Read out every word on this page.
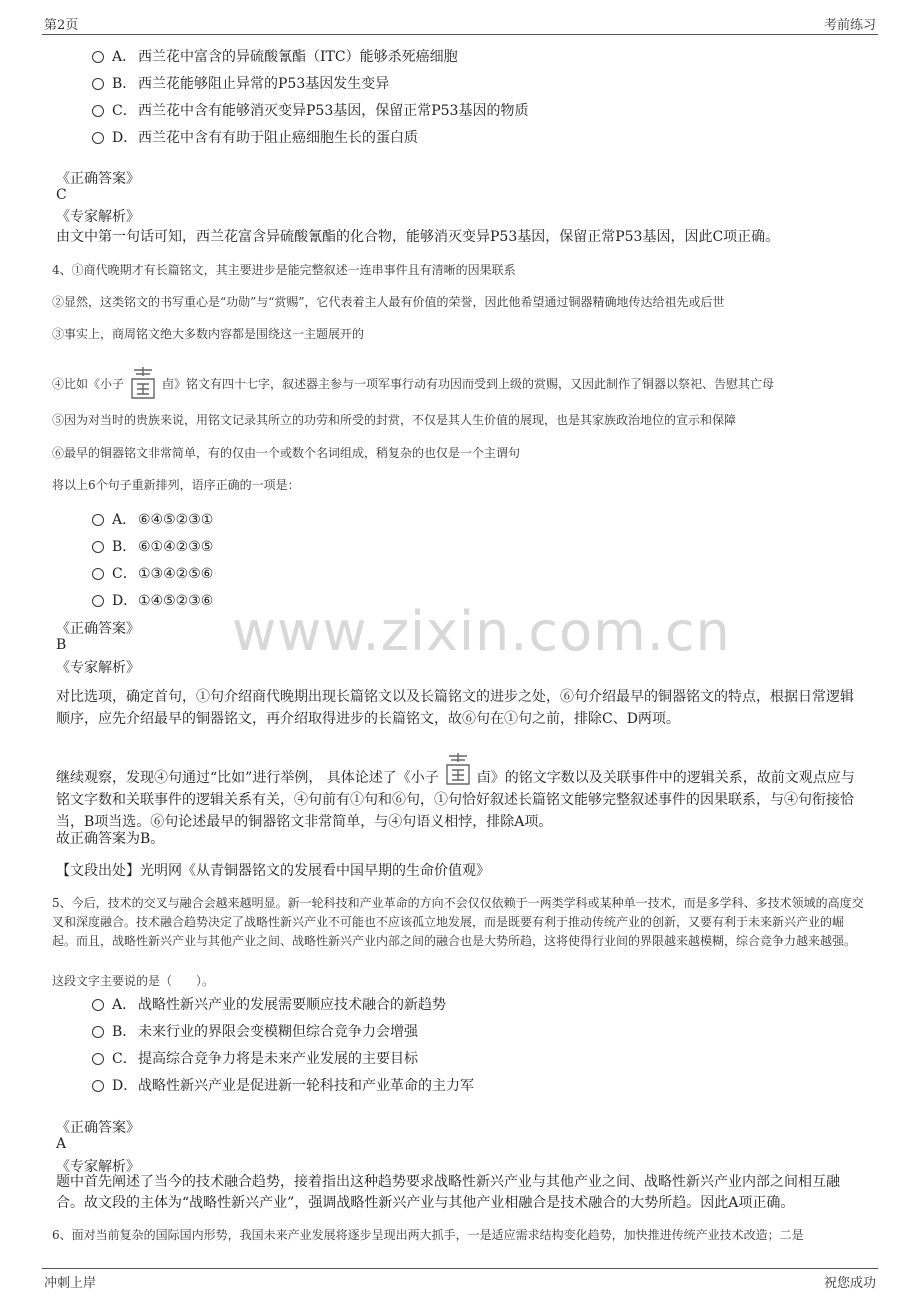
第2页	考前练习
A． 西兰花中富含的异硫酸氰酯（ITC）能够杀死癌细胞
B． 西兰花能够阻止异常的P53基因发生变异
C．西兰花中含有能够消灭变异P53基因，保留正常P53基因的物质
D．西兰花中含有有助于阻止癌细胞生长的蛋白质
《正确答案》
C
《专家解析》
由文中第一句话可知，西兰花富含异硫酸氰酯的化合物，能够消灭变异P53基因，保留正常P53基因，因此C项正确。
4、①商代晚期才有长篇铭文，其主要进步是能完整叙述一连串事件且有清晰的因果联系
②显然，这类铭文的书写重心是“功勋”与“赏赐”，它代表着主人最有价值的荣誉，因此他希望通过铜器精确地传达给祖先或后世
③事实上，商周铭文绝大多数内容都是围绕这一主题展开的
④比如《小子	卣》铭文有四十七字，叙述器主参与一项军事行动有功因而受到上级的赏赐，又因此制作了铜器以祭祀、告慰其亡母
⑤因为对当时的贵族来说，用铭文记录其所立的功劳和所受的封赏，不仅是其人生价值的展现，也是其家族政治地位的宣示和保障
⑥最早的铜器铭文非常简单，有的仅由一个或数个名词组成，稍复杂的也仅是一个主谓句
将以上6个句子重新排列，语序正确的一项是：
A． ⑥④⑤②③①
B． ⑥①④②③⑤
C．①③④②⑤⑥
D．①④⑤②③⑥
《正确答案》
B
《专家解析》
www.zixin.com.cn
对比选项，确定首句，①句介绍商代晚期出现长篇铭文以及长篇铭文的进步之处，⑥句介绍最早的铜器铭文的特点，根据日常逻辑顺序，应先介绍最早的铜器铭文，再介绍取得进步的长篇铭文，故⑥句在①句之前，排除C、D两项。
继续观察，发现④句通过“比如”进行举例， 具体论述了《小子	卣》的铭文字数以及关联事件中的逻辑关系，故前文观点应与铭文字数和关联事件的逻辑关系有关，④句前有①句和⑥句，①句恰好叙述长篇铭文能够完整叙述事件的因果联系，与④句衔接恰当，B项当选。⑥句论述最早的铜器铭文非常简单，与④句语义相悖，排除A项。
故正确答案为B。
【文段出处】光明网《从青铜器铭文的发展看中国早期的生命价值观》
5、今后，技术的交叉与融合会越来越明显。新一轮科技和产业革命的方向不会仅仅依赖于一两类学科或某种单一技术，而是多学科、多技术领域的高度交叉和深度融合。技术融合趋势决定了战略性新兴产业不可能也不应该孤立地发展，而是既要有利于推动传统产业的创新，又要有利于未来新兴产业的崛起。而且，战略性新兴产业与其他产业之间、战略性新兴产业内部之间的融合也是大势所趋，这将使得行业间的界限越来越模糊，综合竞争力越来越强。
这段文字主要说的是（　　）。
A． 战略性新兴产业的发展需要顺应技术融合的新趋势
B． 未来行业的界限会变模糊但综合竞争力会增强
C．提高综合竞争力将是未来产业发展的主要目标
D．战略性新兴产业是促进新一轮科技和产业革命的主力军
《正确答案》
A
《专家解析》
题中首先阐述了当今的技术融合趋势，接着指出这种趋势要求战略性新兴产业与其他产业之间、战略性新兴产业内部之间相互融合。故文段的主体为“战略性新兴产业”，强调战略性新兴产业与其他产业相融合是技术融合的大势所趋。因此A项正确。
6、面对当前复杂的国际国内形势，我国未来产业发展将逐步呈现出两大抓手，一是适应需求结构变化趋势，加快推进传统产业技术改造；二是
冲刺上岸	祝您成功
